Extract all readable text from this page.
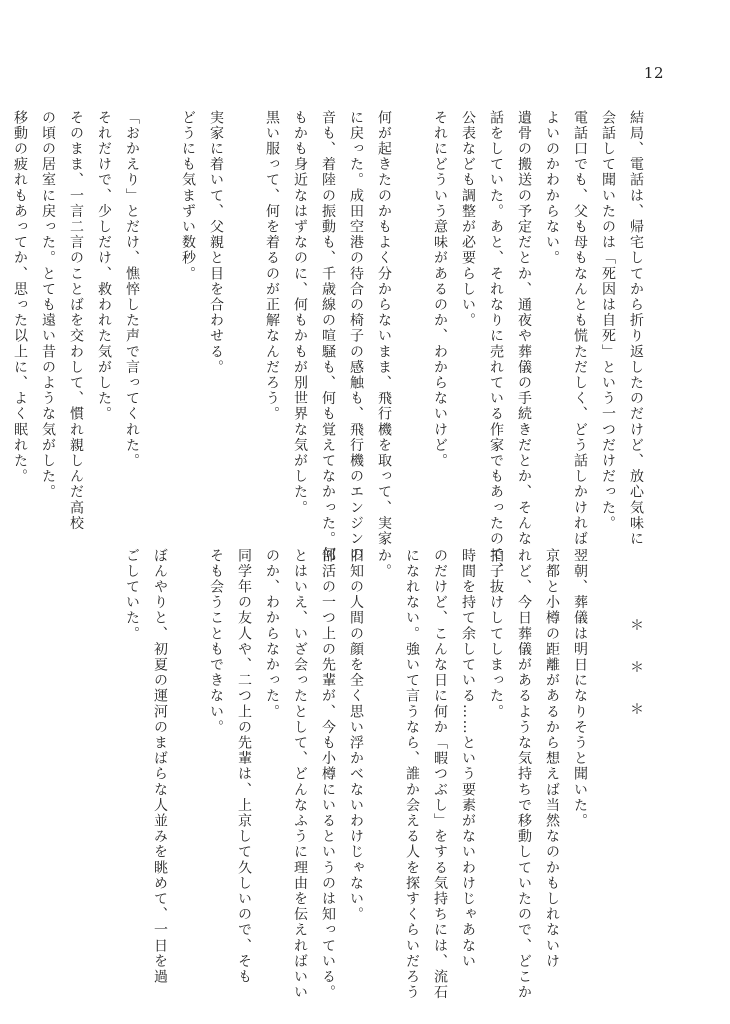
12
結局、電話は、帰宅してから折り返したのだけど、放心気味に
会話して聞いたのは「死因は自死」という一つだけだった。
電話口でも、父も母もなんとも慌ただしく、どう話しかければ
よいのかわからない。
遺骨の搬送の予定だとか、通夜や葬儀の手続きだとか、そんな
話をしていた。あと、それなりに売れている作家でもあったので、
公表なども調整が必要らしい。
それにどういう意味があるのか、わからないけど。
何が起きたのかもよく分からないまま、飛行機を取って、実家
に戻った。成田空港の待合の椅子の感触も、飛行機のエンジンの
音も、着陸の振動も、千歳線の喧騒も、何も覚えてなかった。何
もかも身近なはずなのに、何もかもが別世界な気がした。
黒い服って、何を着るのが正解なんだろう。
実家に着いて、父親と目を合わせる。
どうにも気まずい数秒。
「おかえり」とだけ、憔悴した声で言ってくれた。
それだけで、少しだけ、救われた気がした。
そのまま、一言二言のことばを交わして、慣れ親しんだ高校
の頃の居室に戻った。とても遠い昔のような気がした。
移動の疲れもあってか、思った以上に、よく眠れた。
＊＊＊
翌朝、葬儀は明日になりそうと聞いた。
京都と小樽の距離があるから想えば当然なのかもしれないけ
れど、今日葬儀があるような気持ちで移動していたので、どこか
拍子抜けしてしまった。
時間を持て余している……という要素がないわけじゃあない
のだけど、こんな日に何か「暇つぶし」をする気持ちには、流石
になれない。強いて言うなら、誰か会える人を探すくらいだろう
か。
旧知の人間の顔を全く思い浮かべないわけじゃない。
部活の一つ上の先輩が、今も小樽にいるというのは知っている。
とはいえ、いざ会ったとして、どんなふうに理由を伝えればいい
のか、わからなかった。
同学年の友人や、二つ上の先輩は、上京して久しいので、そも
そも会うこともできない。
ぼんやりと、初夏の運河のまばらな人並みを眺めて、一日を過
ごしていた。
